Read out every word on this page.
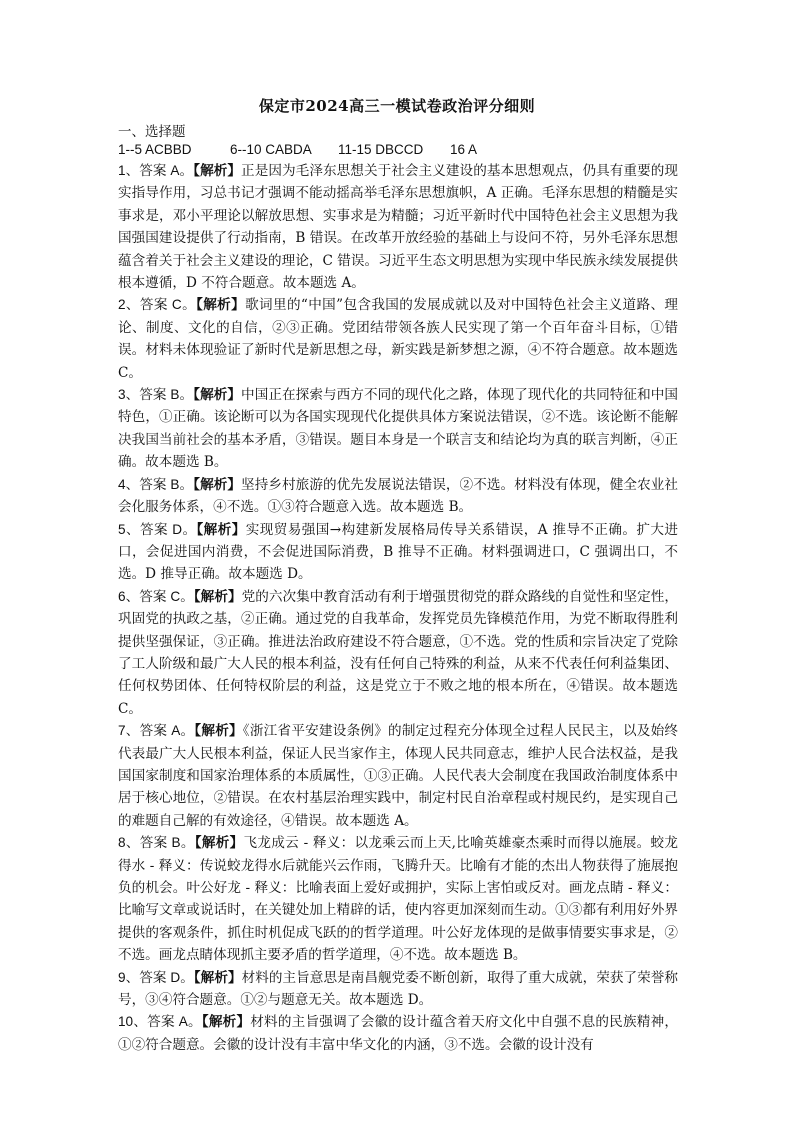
保定市2024高三一模试卷政治评分细则
一、选择题
1--5 ACBBD	6--10 CABDA	11-15 DBCCD	16 A

1、答案 A。【解析】正是因为毛泽东思想关于社会主义建设的基本思想观点，仍具有重要的现实指导作用，习总书记才强调不能动摇高举毛泽东思想旗帜，A 正确。毛泽东思想的精髓是实事求是，邓小平理论以解放思想、实事求是为精髓；习近平新时代中国特色社会主义思想为我国强国建设提供了行动指南，B 错误。在改革开放经验的基础上与设问不符，另外毛泽东思想蕴含着关于社会主义建设的理论，C 错误。习近平生态文明思想为实现中华民族永续发展提供根本遵循，D 不符合题意。故本题选 A。

2、答案 C。【解析】歌词里的“中国”包含我国的发展成就以及对中国特色社会主义道路、理论、制度、文化的自信，②③正确。党团结带领各族人民实现了第一个百年奋斗目标，①错误。材料未体现验证了新时代是新思想之母，新实践是新梦想之源，④不符合题意。故本题选 C。

3、答案 B。【解析】中国正在探索与西方不同的现代化之路，体现了现代化的共同特征和中国特色，①正确。该论断可以为各国实现现代化提供具体方案说法错误，②不选。该论断不能解决我国当前社会的基本矛盾，③错误。题目本身是一个联言支和结论均为真的联言判断，④正确。故本题选 B。

4、答案 B。【解析】坚持乡村旅游的优先发展说法错误，②不选。材料没有体现，健全农业社会化服务体系，④不选。①③符合题意入选。故本题选 B。

5、答案 D。【解析】实现贸易强国→构建新发展格局传导关系错误，A 推导不正确。扩大进口，会促进国内消费，不会促进国际消费，B 推导不正确。材料强调进口，C 强调出口，不选。D 推导正确。故本题选 D。

6、答案 C。【解析】党的六次集中教育活动有利于增强贯彻党的群众路线的自觉性和坚定性，巩固党的执政之基，②正确。通过党的自我革命，发挥党员先锋模范作用，为党不断取得胜利提供坚强保证，③正确。推进法治政府建设不符合题意，①不选。党的性质和宗旨决定了党除了工人阶级和最广大人民的根本利益，没有任何自己特殊的利益，从来不代表任何利益集团、任何权势团体、任何特权阶层的利益，这是党立于不败之地的根本所在，④错误。故本题选 C。

7、答案 A。【解析】《浙江省平安建设条例》的制定过程充分体现全过程人民民主，以及始终代表最广大人民根本利益，保证人民当家作主，体现人民共同意志，维护人民合法权益，是我国国家制度和国家治理体系的本质属性，①③正确。人民代表大会制度在我国政治制度体系中居于核心地位，②错误。在农村基层治理实践中，制定村民自治章程或村规民约，是实现自己的难题自己解的有效途径，④错误。故本题选 A。

8、答案 B。【解析】飞龙成云 - 释义：以龙乘云而上天,比喻英雄豪杰乘时而得以施展。蛟龙得水 - 释义：传说蛟龙得水后就能兴云作雨，飞腾升天。比喻有才能的杰出人物获得了施展抱负的机会。叶公好龙 - 释义：比喻表面上爱好或拥护，实际上害怕或反对。画龙点睛 - 释义：比喻写文章或说话时，在关键处加上精辟的话，使内容更加深刻而生动。①③都有利用好外界提供的客观条件，抓住时机促成飞跃的的哲学道理。叶公好龙体现的是做事情要实事求是，②不选。画龙点睛体现抓主要矛盾的哲学道理，④不选。故本题选 B。

9、答案 D。【解析】材料的主旨意思是南昌舰党委不断创新，取得了重大成就，荣获了荣誉称号，③④符合题意。①②与题意无关。故本题选 D。

10、答案 A。【解析】材料的主旨强调了会徽的设计蕴含着天府文化中自强不息的民族精神，①②符合题意。会徽的设计没有丰富中华文化的内涵，③不选。会徽的设计没有
